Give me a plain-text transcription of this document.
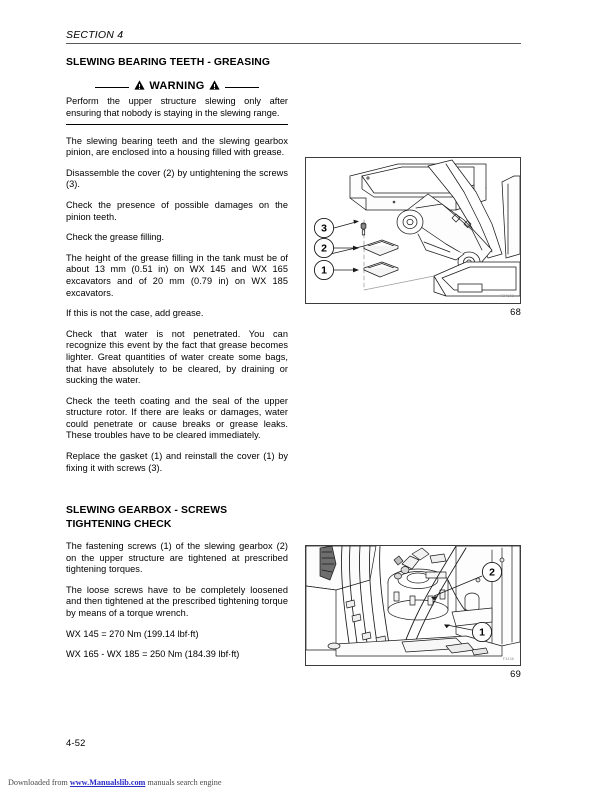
SECTION 4
SLEWING BEARING TEETH - GREASING
WARNING

Perform the upper structure slewing only after ensuring that nobody is staying in the slewing range.

The slewing bearing teeth and the slewing gearbox pinion, are enclosed into a housing filled with grease.

Disassemble the cover (2) by untightening the screws (3).

Check the presence of possible damages on the pinion teeth.

Check the grease filling.

The height of the grease filling in the tank must be of about 13 mm (0.51 in) on WX 145 and WX 165 excavators and of 20 mm (0.79 in) on WX 185 excavators.

If this is not the case, add grease.

Check that water is not penetrated. You can recognize this event by the fact that grease becomes lighter. Great quantities of water create some bags, that have absolutely to be cleared, by draining or sucking the water.

Check the teeth coating and the seal of the upper structure rotor. If there are leaks or damages, water could penetrate or cause breaks or grease leaks. These troubles have to be cleared immediately.

Replace the gasket (1) and reinstall the cover (1) by fixing it with screws (3).

SLEWING GEARBOX - SCREWS TIGHTENING CHECK

The fastening screws (1) of the slewing gearbox (2) on the upper structure are tightened at prescribed tightening torques.

The loose screws have to be completely loosened and then tightened at the prescribed tightening torque by means of a torque wrench.

WX 145 = 270 Nm (199.14 lbf·ft)

WX 165 - WX 185 = 250 Nm (184.39 lbf·ft)

3
2
1
F34308
68
2
1
F3438
69
4-52
Downloaded from www.Manualslib.com manuals search engine
